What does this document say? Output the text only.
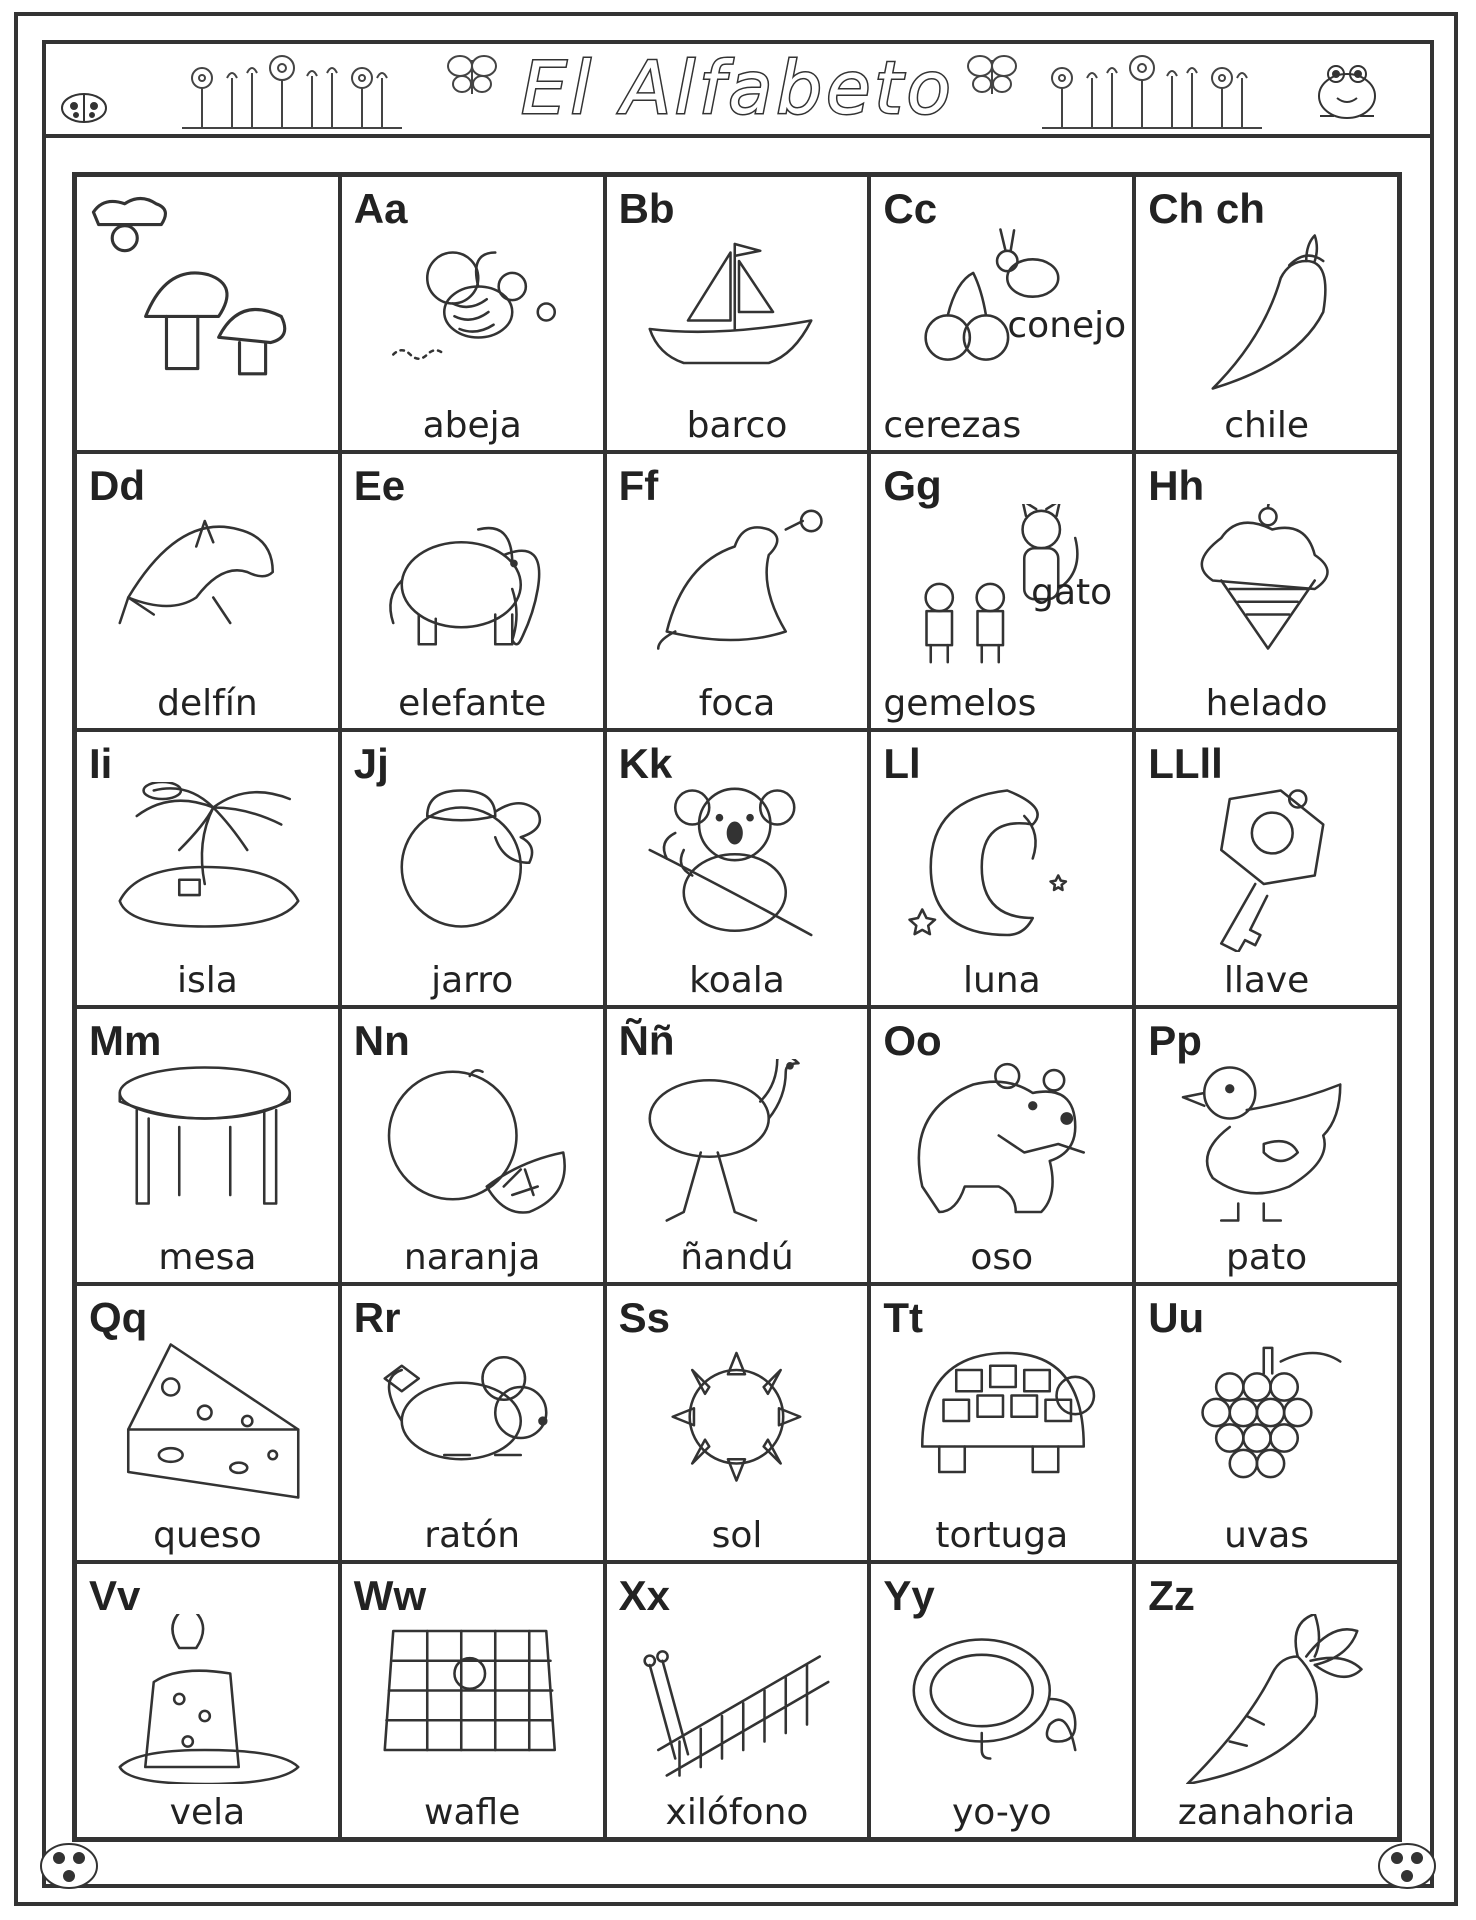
El Alfabeto
Aa
abeja
Bb
barco
Cc
cerezas
conejo
Ch ch
chile
Dd
delfín
Ee
elefante
Ff
foca
Gg
gemelos
gato
Hh
helado
Ii
isla
Jj
jarro
Kk
koala
Ll
luna
LLll
llave
Mm
mesa
Nn
naranja
Ññ
ñandú
Oo
oso
Pp
pato
Qq
queso
Rr
ratón
Ss
sol
Tt
tortuga
Uu
uvas
Vv
vela
Ww
wafle
Xx
xilófono
Yy
yo-yo
Zz
zanahoria
